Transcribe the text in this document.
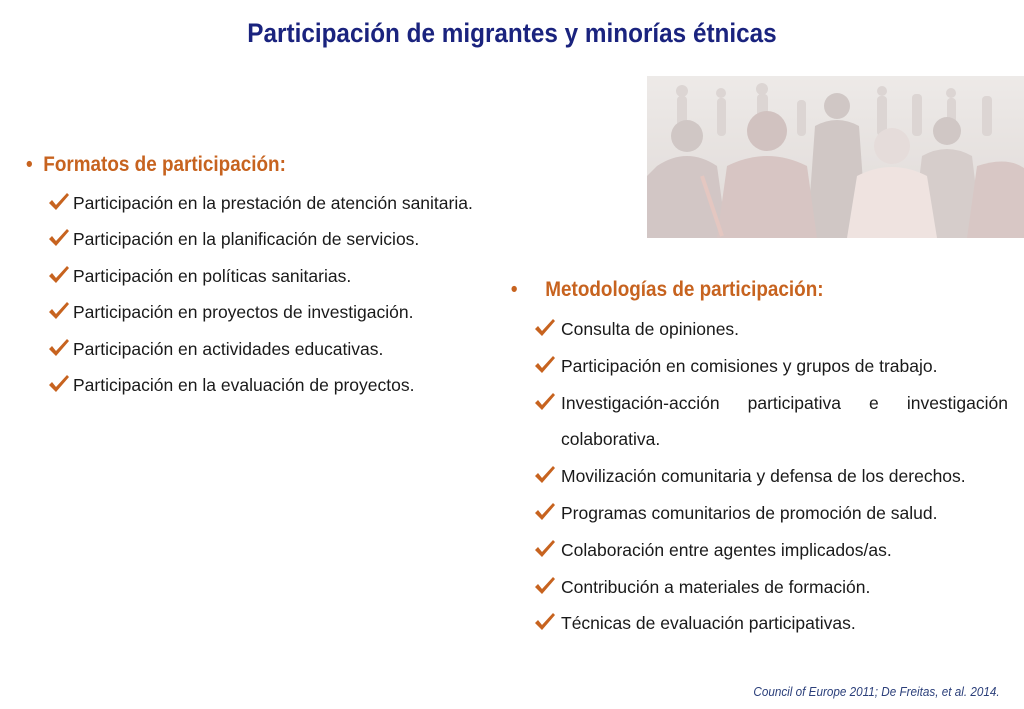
Participación de migrantes y minorías étnicas
• Formatos de participación:
Participación en la prestación de atención sanitaria.
Participación en la planificación de servicios.
Participación en políticas sanitarias.
Participación en proyectos de investigación.
Participación en actividades educativas.
Participación en la evaluación de proyectos.
• Metodologías de participación:
Consulta de opiniones.
Participación en comisiones y grupos de trabajo.
Investigación-acción participativa e investigación colaborativa.
Movilización comunitaria y defensa de los derechos.
Programas comunitarios de promoción de salud.
Colaboración entre agentes implicados/as.
Contribución a materiales de formación.
Técnicas de evaluación participativas.
Council of Europe 2011; De Freitas, et al. 2014.
